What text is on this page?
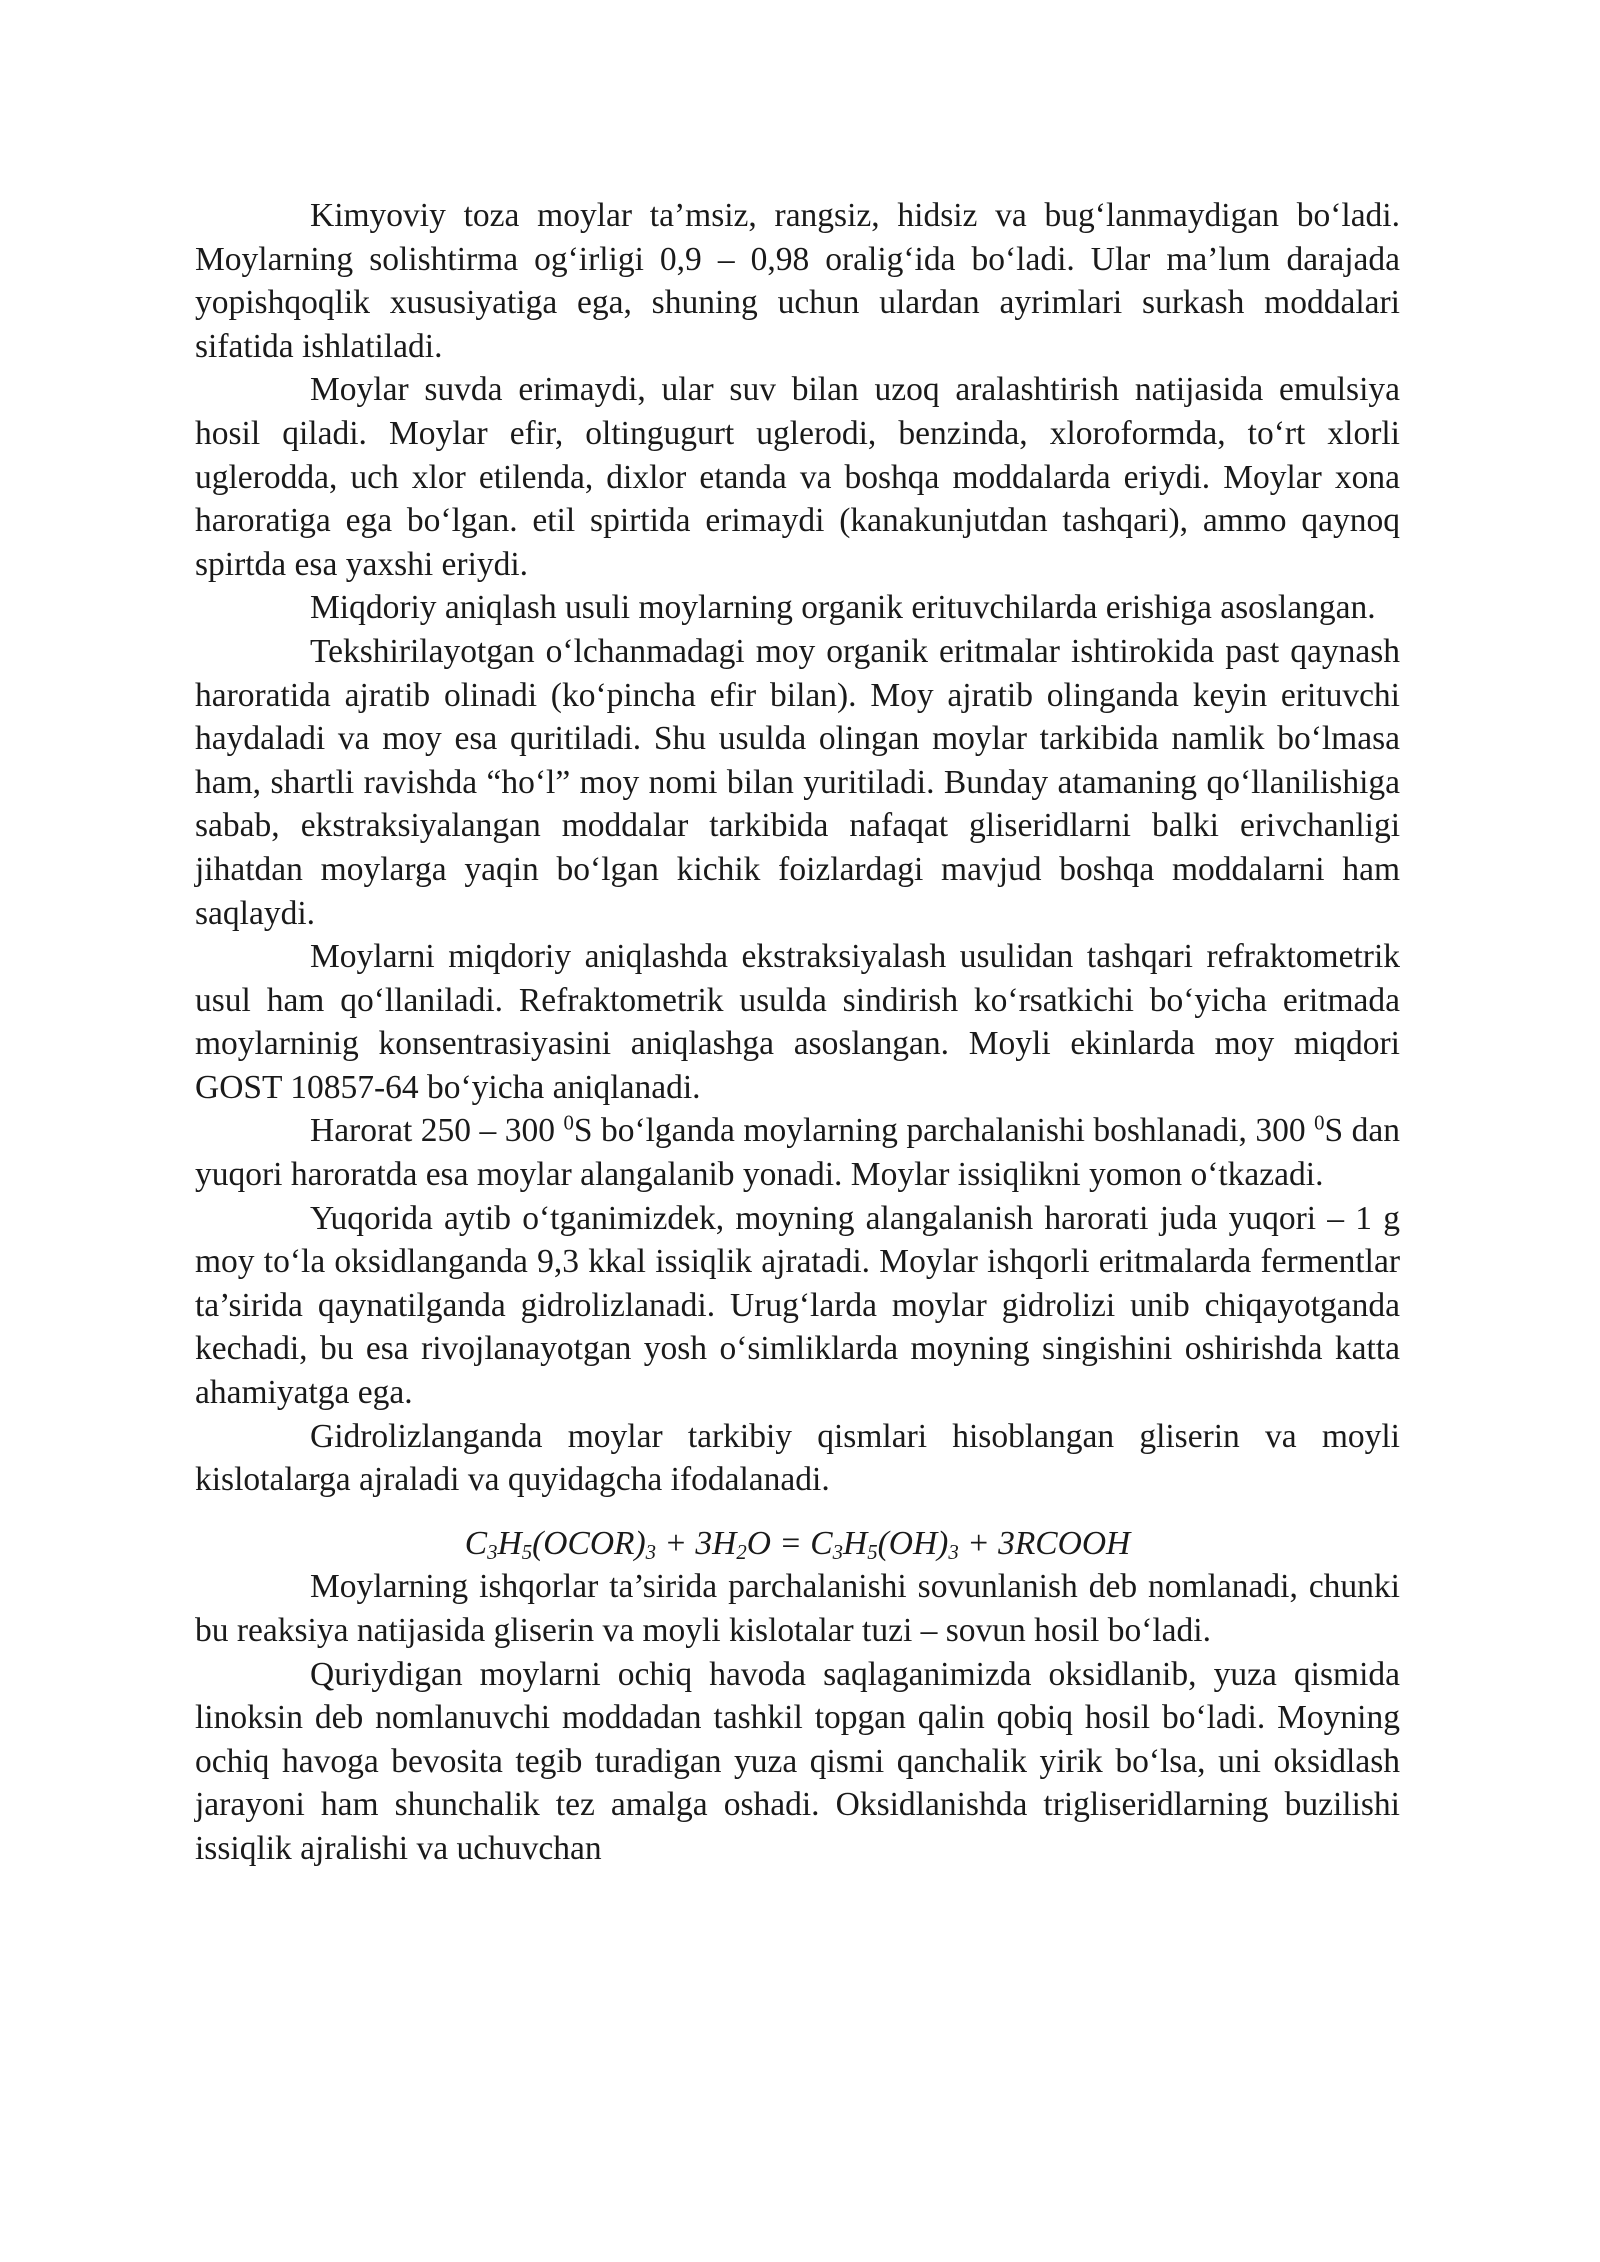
Kimyoviy toza moylar ta’msiz, rangsiz, hidsiz va bug‘lanmaydigan bo‘ladi. Moylarning solishtirma og‘irligi 0,9 – 0,98 oralig‘ida bo‘ladi. Ular ma’lum darajada yopishqoqlik xususiyatiga ega, shuning uchun ulardan ayrimlari surkash moddalari sifatida ishlatiladi.

Moylar suvda erimaydi, ular suv bilan uzoq aralashtirish natijasida emulsiya hosil qiladi. Moylar efir, oltingugurt uglerodi, benzinda, xloroformda, to‘rt xlorli uglerodda, uch xlor etilenda, dixlor etanda va boshqa moddalarda eriydi. Moylar xona haroratiga ega bo‘lgan. etil spirtida erimaydi (kanakunjutdan tashqari), ammo qaynoq spirtda esa yaxshi eriydi.

Miqdoriy aniqlash usuli moylarning organik erituvchilarda erishiga asoslangan.

Tekshirilayotgan o‘lchanmadagi moy organik eritmalar ishtirokida past qaynash haroratida ajratib olinadi (ko‘pincha efir bilan). Moy ajratib olinganda keyin erituvchi haydaladi va moy esa quritiladi. Shu usulda olingan moylar tarkibida namlik bo‘lmasa ham, shartli ravishda “ho‘l” moy nomi bilan yuritiladi. Bunday atamaning qo‘llanilishiga sabab, ekstraksiyalangan moddalar tarkibida nafaqat gliseridlarni balki erivchanligi jihatdan moylarga yaqin bo‘lgan kichik foizlardagi mavjud boshqa moddalarni ham saqlaydi.

Moylarni miqdoriy aniqlashda ekstraksiyalash usulidan tashqari refraktometrik usul ham qo‘llaniladi. Refraktometrik usulda sindirish ko‘rsatkichi bo‘yicha eritmada moylarninig konsentrasiyasini aniqlashga asoslangan. Moyli ekinlarda moy miqdori GOST 10857-64 bo‘yicha aniqlanadi.

Harorat 250 – 300 $^0$S bo‘lganda moylarning parchalanishi boshlanadi, 300 $^0$S dan yuqori haroratda esa moylar alangalanib yonadi. Moylar issiqlikni yomon o‘tkazadi.

Yuqorida aytib o‘tganimizdek, moyning alangalanish harorati juda yuqori – 1 g moy to‘la oksidlanganda 9,3 kkal issiqlik ajratadi. Moylar ishqorli eritmalarda fermentlar ta’sirida qaynatilganda gidrolizlanadi. Urug‘larda moylar gidrolizi unib chiqayotganda kechadi, bu esa rivojlanayotgan yosh o‘simliklarda moyning singishini oshirishda katta ahamiyatga ega.

Gidrolizlanganda moylar tarkibiy qismlari hisoblangan gliserin va moyli kislotalarga ajraladi va quyidagcha ifodalanadi.

$C_3H_5(OCOR)_3 + 3H_2O = C_3H_5(OH)_3$ + 3RCOOH

Moylarning ishqorlar ta’sirida parchalanishi sovunlanish deb nomlanadi, chunki bu reaksiya natijasida gliserin va moyli kislotalar tuzi – sovun hosil bo‘ladi.

Quriydigan moylarni ochiq havoda saqlaganimizda oksidlanib, yuza qismida linoksin deb nomlanuvchi moddadan tashkil topgan qalin qobiq hosil bo‘ladi. Moyning ochiq havoga bevosita tegib turadigan yuza qismi qanchalik yirik bo‘lsa, uni oksidlash jarayoni ham shunchalik tez amalga oshadi. Oksidlanishda trigliseridlarning buzilishi issiqlik ajralishi va uchuvchan
